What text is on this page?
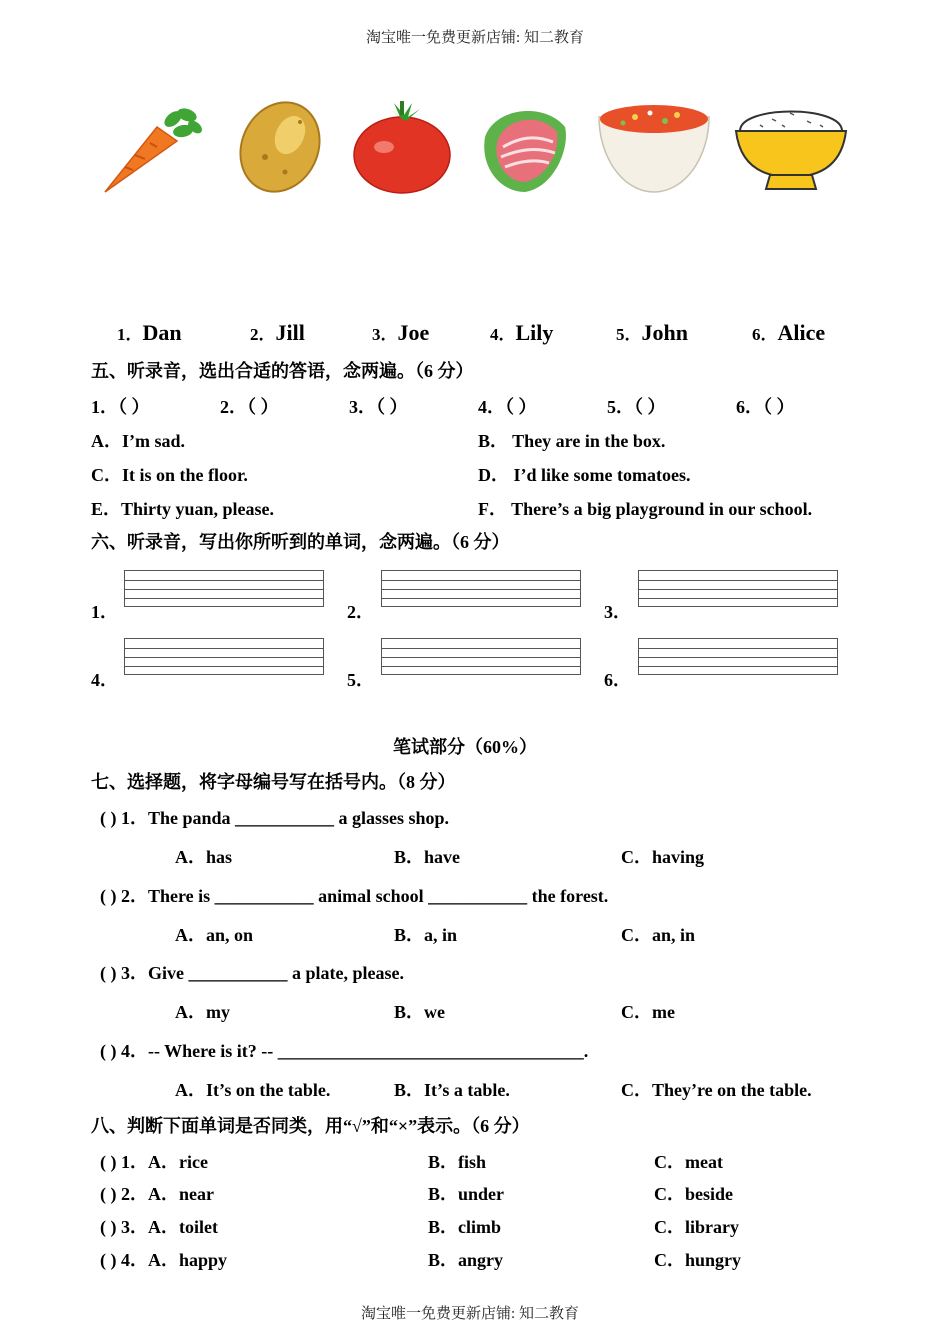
淘宝唯一免费更新店铺: 知二教育
1．Dan	2．Jill	3．Joe	4．Lily	5．John	6．Alice
五、听录音，选出合适的答语，念两遍。（6 分）
1．（ ）	2．（ ）	3．（ ）	4．（ ）	5．（ ）	6．（ ）
A．I’m sad.	B． They are in the box.
C．It is on the floor.	D． I’d like some tomatoes.
E．Thirty yuan, please.	F． There’s a big playground in our school.
六、听录音，写出你所听到的单词，念两遍。（6 分）
1．	2．	3．
4．	5．	6．
笔试部分（60%）
七、选择题，将字母编号写在括号内。（8 分）
( ) 1．The panda ___________ a glasses shop.
A．has	B．have	C．having
( ) 2．There is ___________ animal school ___________ the forest.
A．an, on	B．a, in	C．an, in
( ) 3．Give ___________ a plate, please.
A．my	B．we	C．me
( ) 4．-- Where is it? -- __________________________________.
A．It’s on the table.	B．It’s a table.	C．They’re on the table.
八、判断下面单词是否同类，用“√”和“×”表示。（6 分）
( ) 1．A．rice	B．fish	C．meat
( ) 2．A．near	B．under	C．beside
( ) 3．A．toilet	B．climb	C．library
( ) 4．A．happy	B．angry	C．hungry
淘宝唯一免费更新店铺: 知二教育
